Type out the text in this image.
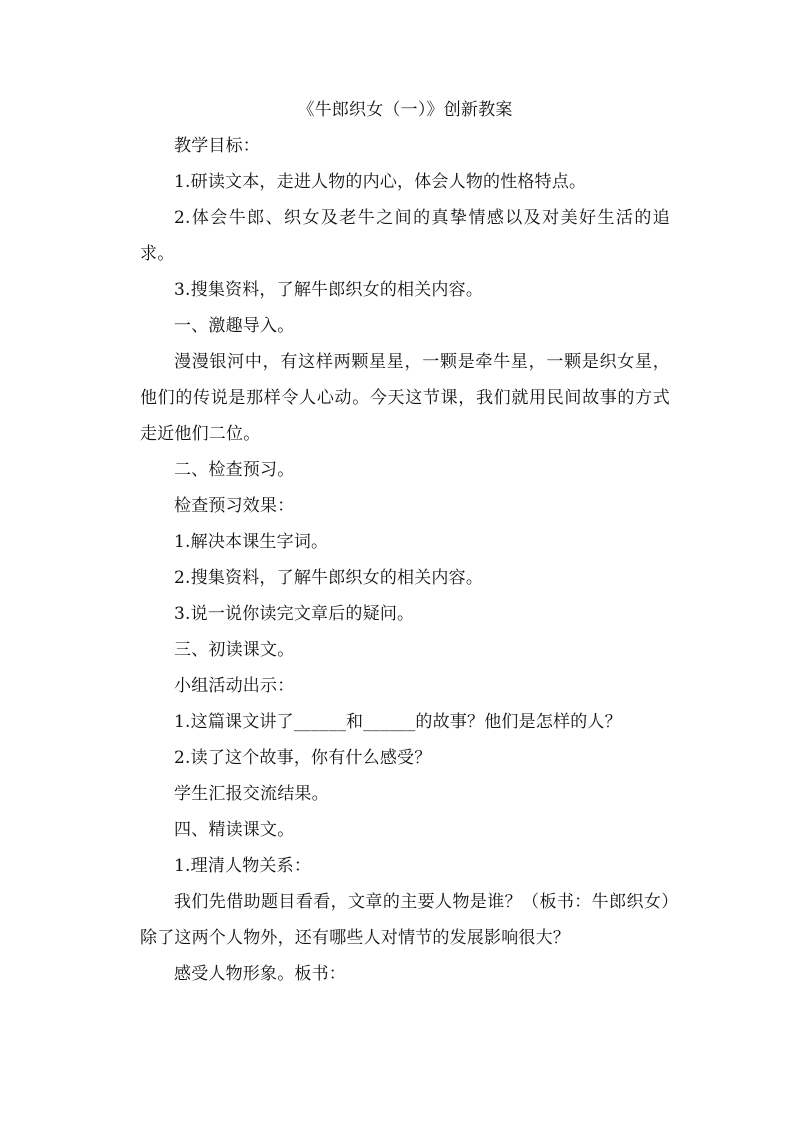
《牛郎织女（一）》创新教案

教学目标：

1.研读文本，走进人物的内心，体会人物的性格特点。

2.体会牛郎、织女及老牛之间的真挚情感以及对美好生活的追求。

3.搜集资料，了解牛郎织女的相关内容。

一、激趣导入。

漫漫银河中，有这样两颗星星，一颗是牵牛星，一颗是织女星，他们的传说是那样令人心动。今天这节课，我们就用民间故事的方式走近他们二位。

二、检查预习。

检查预习效果：

1.解决本课生字词。

2.搜集资料，了解牛郎织女的相关内容。

3.说一说你读完文章后的疑问。

三、初读课文。

小组活动出示：

1.这篇课文讲了______和______的故事？他们是怎样的人？

2.读了这个故事，你有什么感受？

学生汇报交流结果。

四、精读课文。

1.理清人物关系：

我们先借助题目看看，文章的主要人物是谁？（板书：牛郎织女）除了这两个人物外，还有哪些人对情节的发展影响很大？

感受人物形象。板书：
